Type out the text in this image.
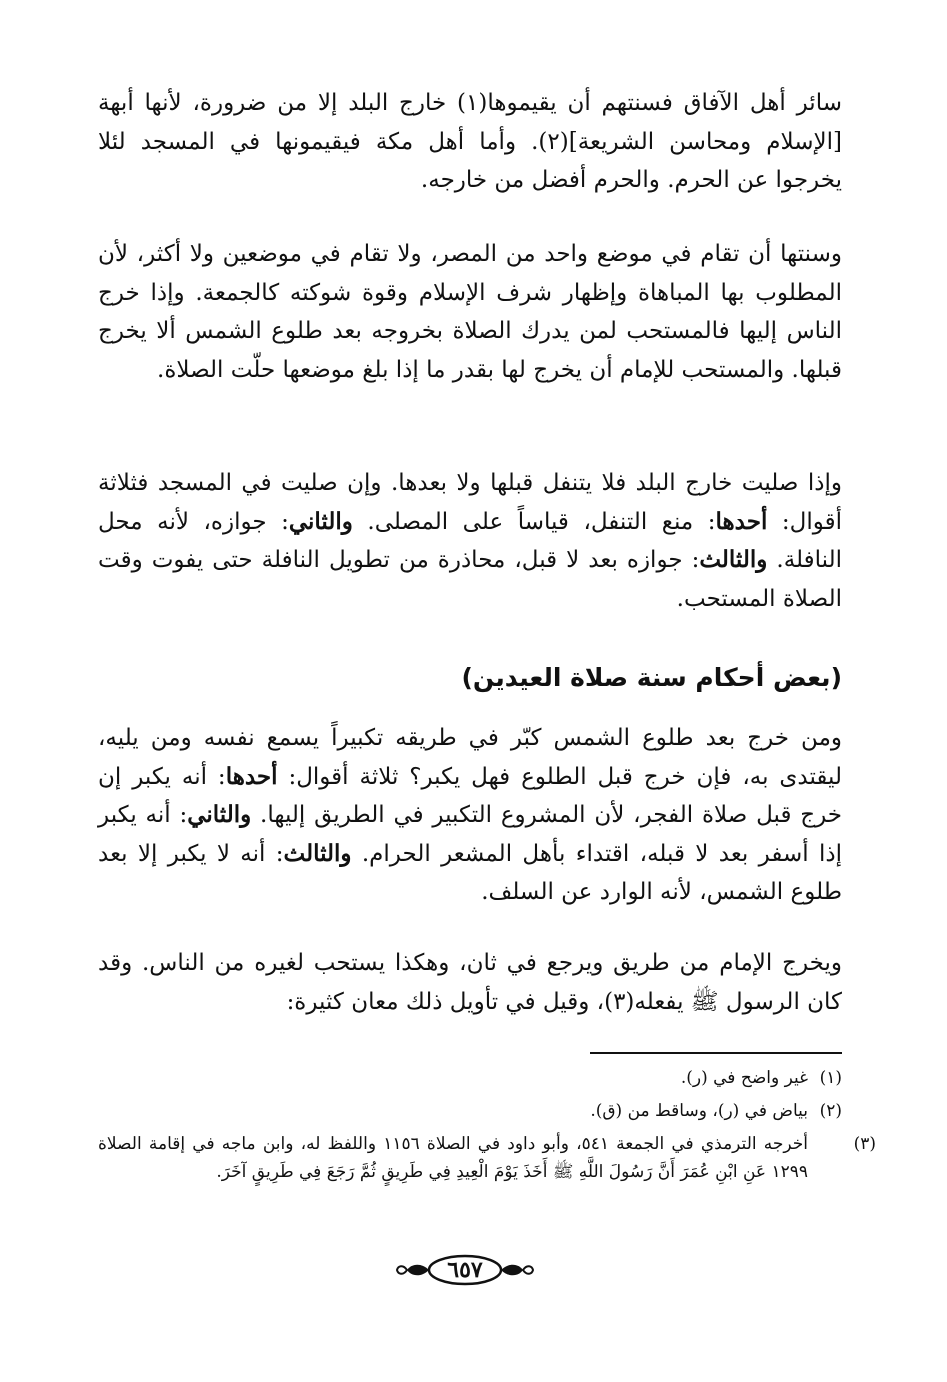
سائر أهل الآفاق فسنتهم أن يقيموها(١) خارج البلد إلا من ضرورة، لأنها أبهة [الإسلام ومحاسن الشريعة](٢). وأما أهل مكة فيقيمونها في المسجد لئلا يخرجوا عن الحرم. والحرم أفضل من خارجه.

وسنتها أن تقام في موضع واحد من المصر، ولا تقام في موضعين ولا أكثر، لأن المطلوب بها المباهاة وإظهار شرف الإسلام وقوة شوكته كالجمعة. وإذا خرج الناس إليها فالمستحب لمن يدرك الصلاة بخروجه بعد طلوع الشمس ألا يخرج قبلها. والمستحب للإمام أن يخرج لها بقدر ما إذا بلغ موضعها حلّت الصلاة.

وإذا صليت خارج البلد فلا يتنفل قبلها ولا بعدها. وإن صليت في المسجد فثلاثة أقوال: أحدها: منع التنفل، قياساً على المصلى. والثاني: جوازه، لأنه محل النافلة. والثالث: جوازه بعد لا قبل، محاذرة من تطويل النافلة حتى يفوت وقت الصلاة المستحب.

(بعض أحكام سنة صلاة العيدين)

ومن خرج بعد طلوع الشمس كبّر في طريقه تكبيراً يسمع نفسه ومن يليه، ليقتدى به، فإن خرج قبل الطلوع فهل يكبر؟ ثلاثة أقوال: أحدها: أنه يكبر إن خرج قبل صلاة الفجر، لأن المشروع التكبير في الطريق إليها. والثاني: أنه يكبر إذا أسفر بعد لا قبله، اقتداء بأهل المشعر الحرام. والثالث: أنه لا يكبر إلا بعد طلوع الشمس، لأنه الوارد عن السلف.

ويخرج الإمام من طريق ويرجع في ثان، وهكذا يستحب لغيره من الناس. وقد كان الرسول ﷺ يفعله(٣)، وقيل في تأويل ذلك معان كثيرة:

(١)غير واضح في (ر).

(٢)بياض في (ر)، وساقط من (ق).

(٣)أخرجه الترمذي في الجمعة ٥٤١، وأبو داود في الصلاة ١١٥٦ واللفظ له، وابن ماجه في إقامة الصلاة ١٢٩٩ عَنِ ابْنِ عُمَرَ أَنَّ رَسُولَ اللَّهِ ﷺ أَخَذَ يَوْمَ الْعِيدِ فِي طَرِيقٍ ثُمَّ رَجَعَ فِي طَرِيقٍ آخَرَ.

٦٥٧
